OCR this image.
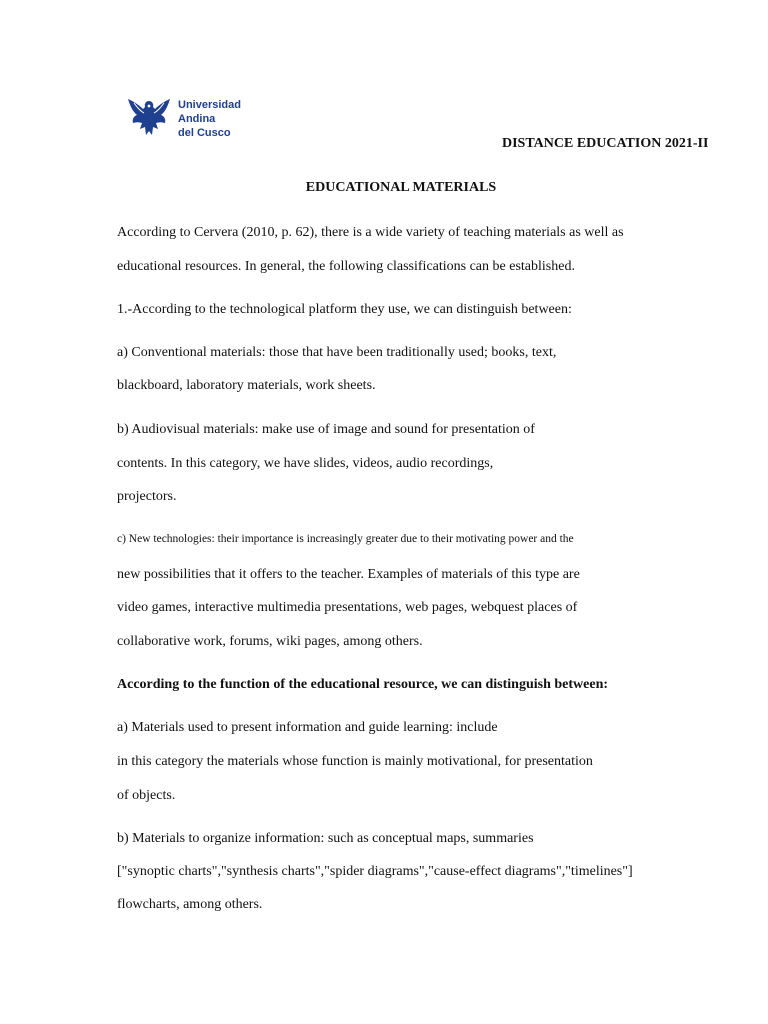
Universidad
Andina
del Cusco
DISTANCE EDUCATION 2021-II
EDUCATIONAL MATERIALS
According to Cervera (2010, p. 62), there is a wide variety of teaching materials as well as
educational resources. In general, the following classifications can be established.
1.-According to the technological platform they use, we can distinguish between:
a) Conventional materials: those that have been traditionally used; books, text,
blackboard, laboratory materials, work sheets.
b) Audiovisual materials: make use of image and sound for presentation of
contents. In this category, we have slides, videos, audio recordings,
projectors.
c) New technologies: their importance is increasingly greater due to their motivating power and the
new possibilities that it offers to the teacher. Examples of materials of this type are
video games, interactive multimedia presentations, web pages, webquest places of
collaborative work, forums, wiki pages, among others.
According to the function of the educational resource, we can distinguish between:
a) Materials used to present information and guide learning: include
in this category the materials whose function is mainly motivational, for presentation
of objects.
b) Materials to organize information: such as conceptual maps, summaries
["synoptic charts","synthesis charts","spider diagrams","cause-effect diagrams","timelines"]
flowcharts, among others.
